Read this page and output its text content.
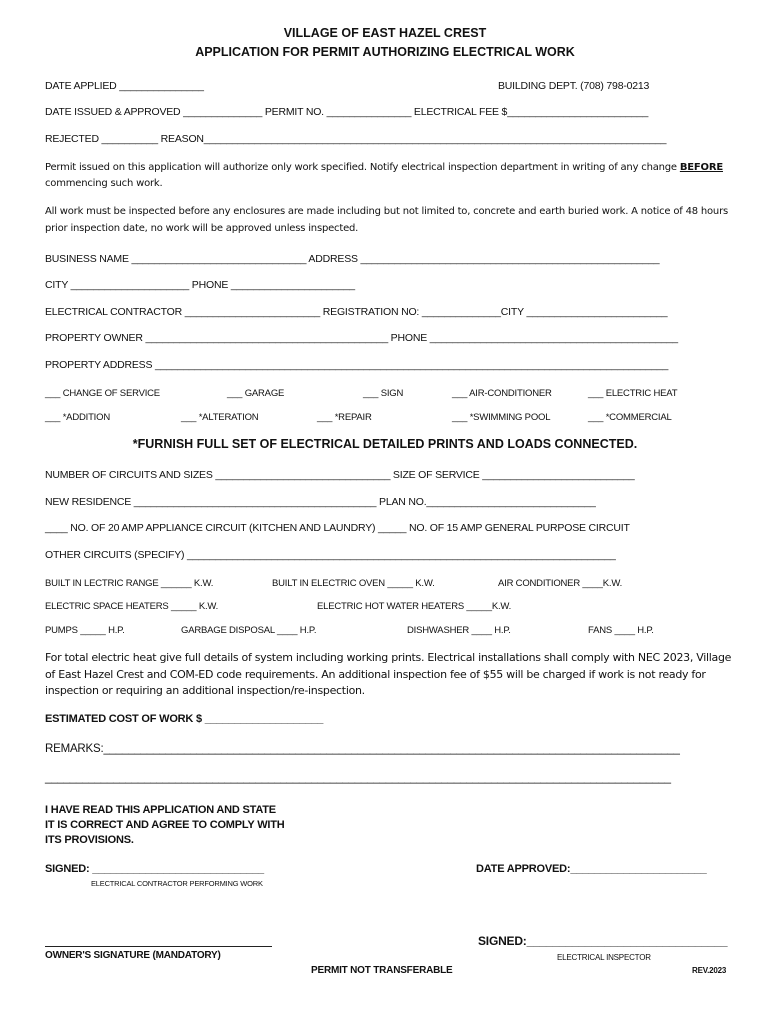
VILLAGE OF EAST HAZEL CREST
APPLICATION FOR PERMIT AUTHORIZING ELECTRICAL WORK
DATE APPLIED _______________	BUILDING DEPT. (708) 798-0213
DATE ISSUED & APPROVED ______________ PERMIT NO. _______________ ELECTRICAL FEE $_________________________
REJECTED __________ REASON__________________________________________________________________________________
Permit issued on this application will authorize only work specified. Notify electrical inspection department in writing of any change BEFORE commencing such work.
All work must be inspected before any enclosures are made including but not limited to, concrete and earth buried work. A notice of 48 hours prior inspection date, no work will be approved unless inspected.
BUSINESS NAME _______________________________ ADDRESS _____________________________________________________
CITY _____________________ PHONE ______________________
ELECTRICAL CONTRACTOR ________________________ REGISTRATION NO: ______________CITY _________________________
PROPERTY OWNER ___________________________________________ PHONE ____________________________________________
PROPERTY ADDRESS ___________________________________________________________________________________________
___ CHANGE OF SERVICE	___ GARAGE	___ SIGN	___ AIR-CONDITIONER	___ ELECTRIC HEAT
___ *ADDITION	___ *ALTERATION	___ *REPAIR	___ *SWIMMING POOL	___ *COMMERCIAL
*FURNISH FULL SET OF ELECTRICAL DETAILED PRINTS AND LOADS CONNECTED.
NUMBER OF CIRCUITS AND SIZES _______________________________ SIZE OF SERVICE ___________________________
NEW RESIDENCE ___________________________________________ PLAN NO.______________________________
____ NO. OF 20 AMP APPLIANCE CIRCUIT (KITCHEN AND LAUNDRY) _____ NO. OF 15 AMP GENERAL PURPOSE CIRCUIT
OTHER CIRCUITS (SPECIFY) ____________________________________________________________________________
BUILT IN LECTRIC RANGE ______ K.W.	BUILT IN ELECTRIC OVEN _____ K.W.	AIR CONDITIONER ____K.W.
ELECTRIC SPACE HEATERS _____ K.W.	ELECTRIC HOT WATER HEATERS _____K.W.
PUMPS _____ H.P.	GARBAGE DISPOSAL ____ H.P.	DISHWASHER ____ H.P.	FANS ____ H.P.
For total electric heat give full details of system including working prints. Electrical installations shall comply with NEC 2023, Village of East Hazel Crest and COM-ED code requirements. An additional inspection fee of $55 will be charged if work is not ready for inspection or requiring an additional inspection/re-inspection.
ESTIMATED COST OF WORK $ ____________________
REMARKS:_____________________________________________________________________________________________
_____________________________________________________________________________________________________
I HAVE READ THIS APPLICATION AND STATE
IT IS CORRECT AND AGREE TO COMPLY WITH
ITS PROVISIONS.
SIGNED: _____________________________
ELECTRICAL CONTRACTOR PERFORMING WORK
DATE APPROVED:_______________________
OWNER'S SIGNATURE (MANDATORY)
SIGNED:_______________________________
ELECTRICAL INSPECTOR
PERMIT NOT TRANSFERABLE	REV.2023
